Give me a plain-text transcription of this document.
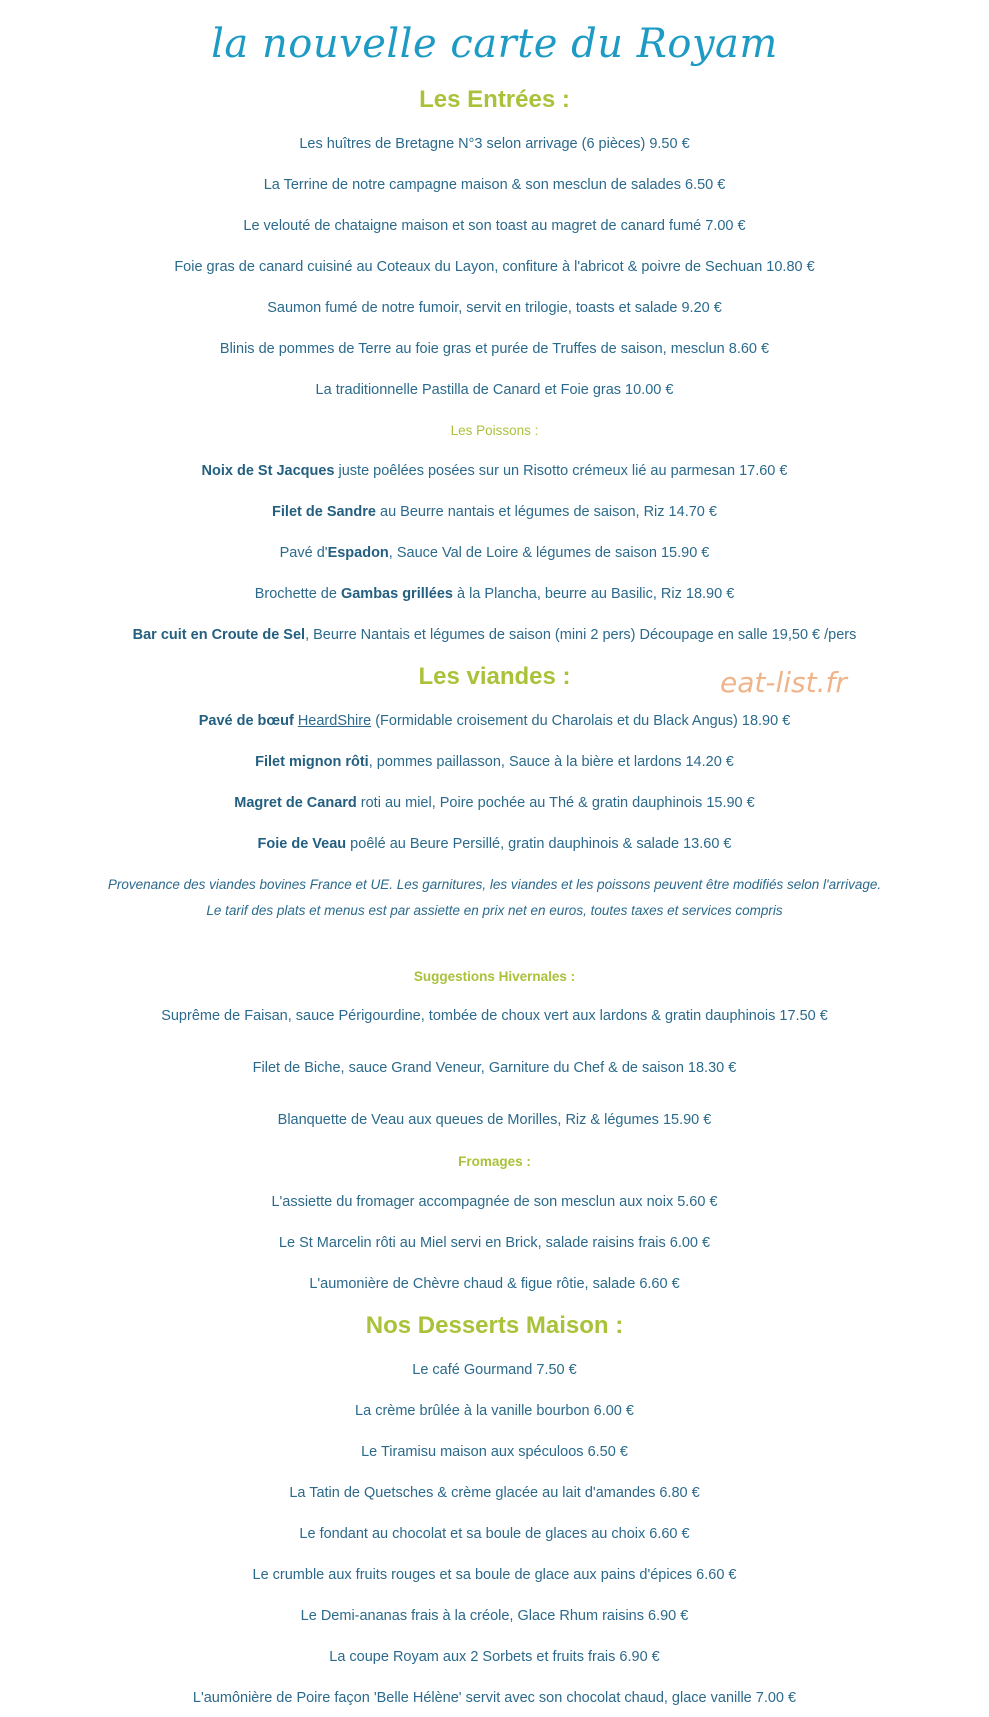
la nouvelle carte du Royam
Les Entrées :
Les huîtres de Bretagne N°3 selon arrivage (6 pièces) 9.50 €
La Terrine de notre campagne maison & son mesclun de salades 6.50 €
Le velouté de chataigne maison et son toast au magret de canard fumé 7.00 €
Foie gras de canard cuisiné au Coteaux du Layon, confiture à l'abricot & poivre de Sechuan 10.80 €
Saumon fumé de notre fumoir, servit en trilogie, toasts et salade 9.20 €
Blinis de pommes de Terre au foie gras et purée de Truffes de saison, mesclun 8.60 €
La traditionnelle Pastilla de Canard et Foie gras 10.00 €
Les Poissons :
Noix de St Jacques juste poêlées posées sur un Risotto crémeux lié au parmesan 17.60 €
Filet de Sandre au Beurre nantais et légumes de saison, Riz 14.70 €
Pavé d'Espadon, Sauce Val de Loire & légumes de saison 15.90 €
Brochette de Gambas grillées à la Plancha, beurre au Basilic, Riz 18.90 €
Bar cuit en Croute de Sel, Beurre Nantais et légumes de saison (mini 2 pers) Découpage en salle 19,50 € /pers
Les viandes :	eat-list.fr
Pavé de bœuf HeardShire (Formidable croisement du Charolais et du Black Angus) 18.90 €
Filet mignon rôti, pommes paillasson, Sauce à la bière et lardons 14.20 €
Magret de Canard roti au miel, Poire pochée au Thé & gratin dauphinois 15.90 €
Foie de Veau poêlé au Beure Persillé, gratin dauphinois & salade 13.60 €
Provenance des viandes bovines France et UE. Les garnitures, les viandes et les poissons peuvent être modifiés selon l'arrivage.
Le tarif des plats et menus est par assiette en prix net en euros, toutes taxes et services compris
Suggestions Hivernales :
Suprême de Faisan, sauce Périgourdine, tombée de choux vert aux lardons & gratin dauphinois 17.50 €
Filet de Biche, sauce Grand Veneur, Garniture du Chef & de saison 18.30 €
Blanquette de Veau aux queues de Morilles, Riz & légumes 15.90 €
Fromages :
L'assiette du fromager accompagnée de son mesclun aux noix 5.60 €
Le St Marcelin rôti au Miel servi en Brick, salade raisins frais 6.00 €
L'aumonière de Chèvre chaud & figue rôtie, salade 6.60 €
Nos Desserts Maison :
Le café Gourmand 7.50 €
La crème brûlée à la vanille bourbon 6.00 €
Le Tiramisu maison aux spéculoos 6.50 €
La Tatin de Quetsches & crème glacée au lait d'amandes 6.80 €
Le fondant au chocolat et sa boule de glaces au choix 6.60 €
Le crumble aux fruits rouges et sa boule de glace aux pains d'épices 6.60 €
Le Demi-ananas frais à la créole, Glace Rhum raisins 6.90 €
La coupe Royam aux 2 Sorbets et fruits frais 6.90 €
L'aumônière de Poire façon 'Belle Hélène' servit avec son chocolat chaud, glace vanille 7.00 €
